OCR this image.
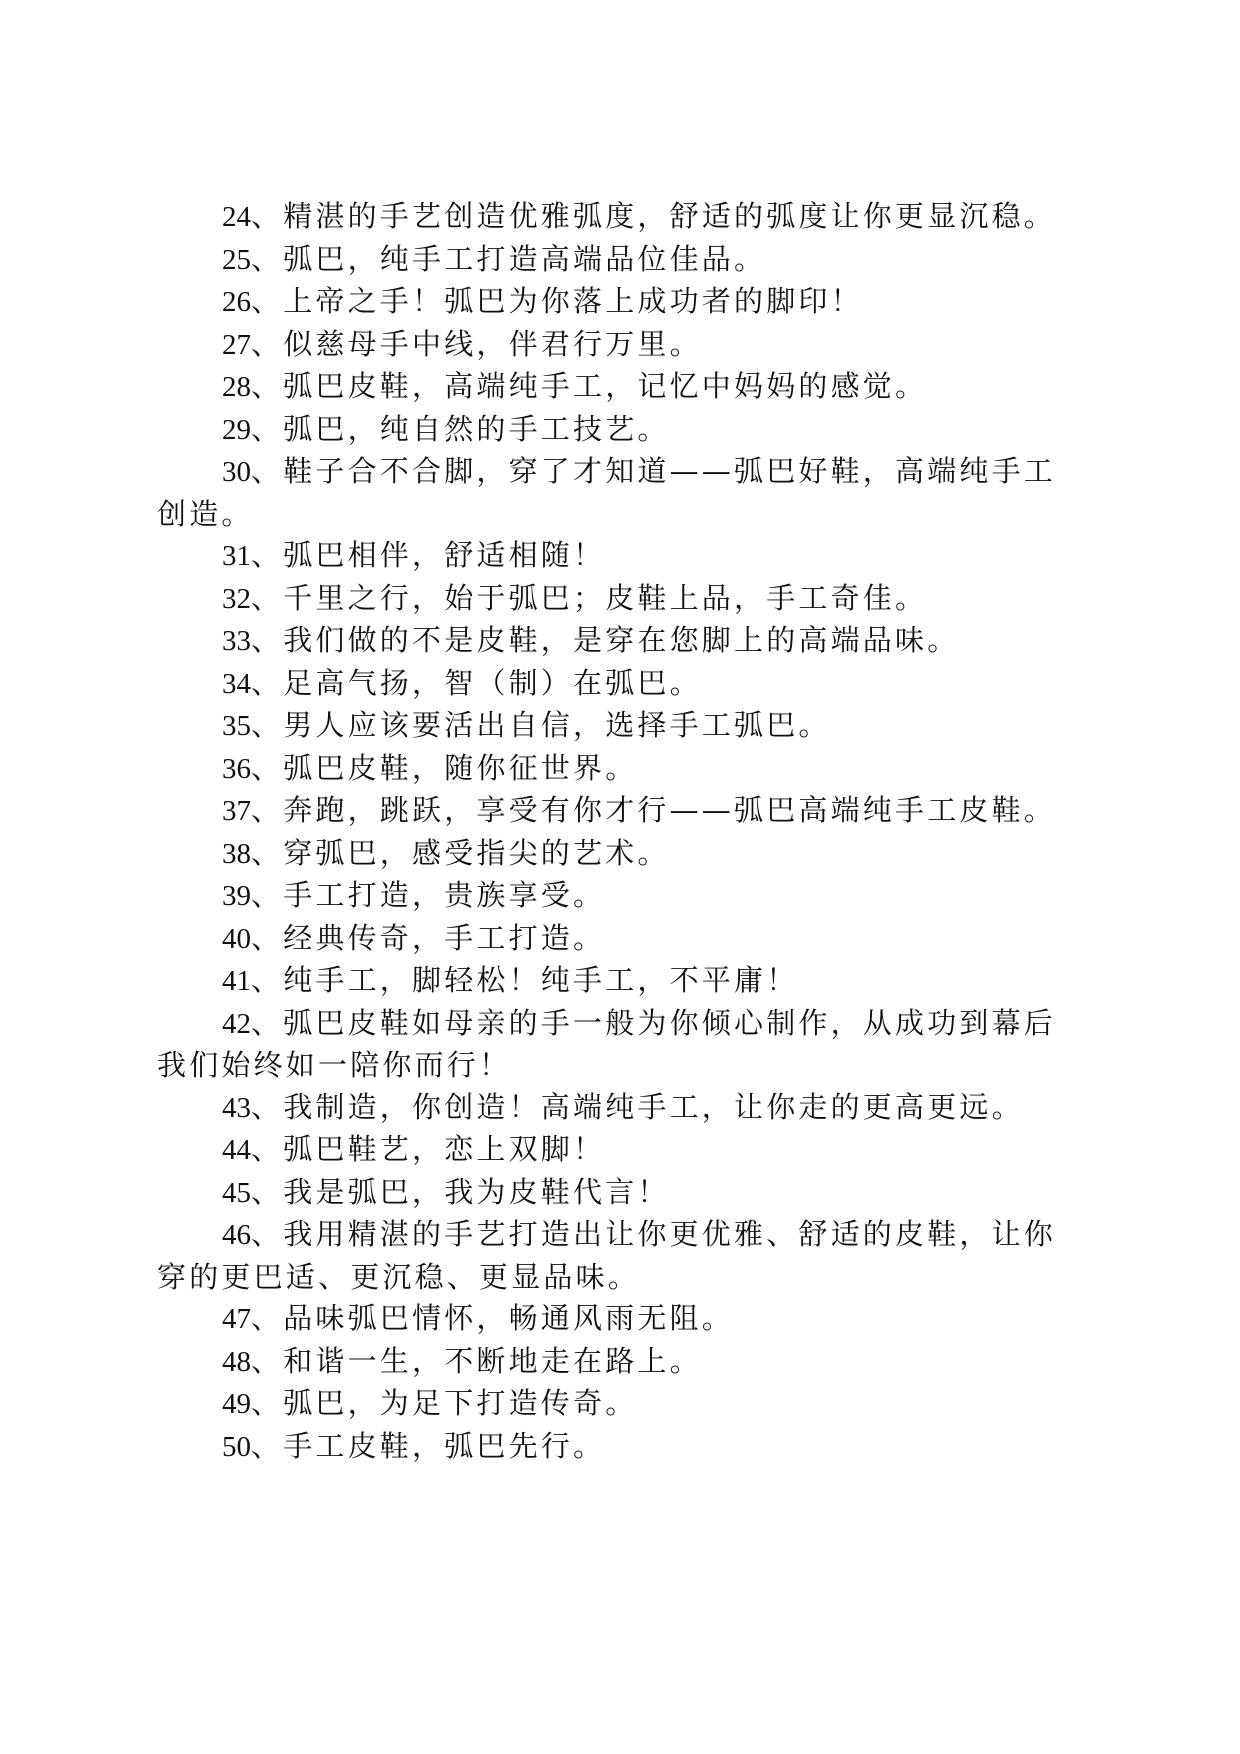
24、精湛的手艺创造优雅弧度，舒适的弧度让你更显沉稳。

25、弧巴，纯手工打造高端品位佳品。

26、上帝之手！弧巴为你落上成功者的脚印！

27、似慈母手中线，伴君行万里。

28、弧巴皮鞋，高端纯手工，记忆中妈妈的感觉。

29、弧巴，纯自然的手工技艺。

30、鞋子合不合脚，穿了才知道——弧巴好鞋，高端纯手工创造。

31、弧巴相伴，舒适相随！

32、千里之行，始于弧巴；皮鞋上品，手工奇佳。

33、我们做的不是皮鞋，是穿在您脚上的高端品味。

34、足高气扬，智（制）在弧巴。

35、男人应该要活出自信，选择手工弧巴。

36、弧巴皮鞋，随你征世界。

37、奔跑，跳跃，享受有你才行——弧巴高端纯手工皮鞋。

38、穿弧巴，感受指尖的艺术。

39、手工打造，贵族享受。

40、经典传奇，手工打造。

41、纯手工，脚轻松！纯手工，不平庸！

42、弧巴皮鞋如母亲的手一般为你倾心制作，从成功到幕后我们始终如一陪你而行！

43、我制造，你创造！高端纯手工，让你走的更高更远。

44、弧巴鞋艺，恋上双脚！

45、我是弧巴，我为皮鞋代言！

46、我用精湛的手艺打造出让你更优雅、舒适的皮鞋，让你穿的更巴适、更沉稳、更显品味。

47、品味弧巴情怀，畅通风雨无阻。

48、和谐一生，不断地走在路上。

49、弧巴，为足下打造传奇。

50、手工皮鞋，弧巴先行。
